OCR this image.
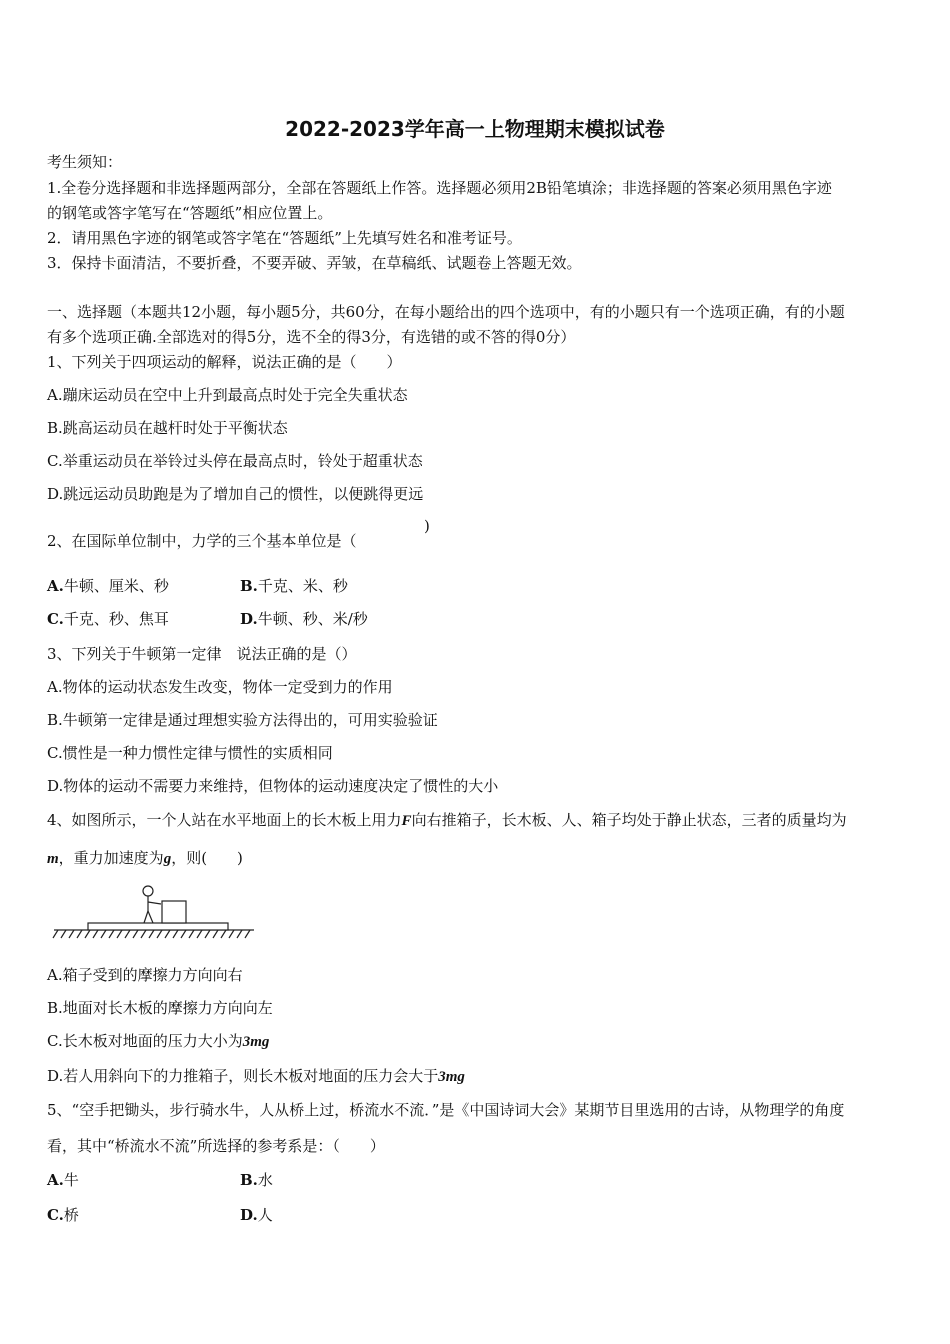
2022-2023学年高一上物理期末模拟试卷
考生须知：
1.全卷分选择题和非选择题两部分，全部在答题纸上作答。选择题必须用2B铅笔填涂；非选择题的答案必须用黑色字迹
的钢笔或答字笔写在“答题纸”相应位置上。
2．请用黑色字迹的钢笔或答字笔在“答题纸”上先填写姓名和准考证号。
3．保持卡面清洁，不要折叠，不要弄破、弄皱，在草稿纸、试题卷上答题无效。
一、选择题（本题共12小题，每小题5分，共60分，在每小题给出的四个选项中，有的小题只有一个选项正确，有的小题
有多个选项正确.全部选对的得5分，选不全的得3分，有选错的或不答的得0分）
1、下列关于四项运动的解释，说法正确的是（　　）
A.蹦床运动员在空中上升到最高点时处于完全失重状态
B.跳高运动员在越杆时处于平衡状态
C.举重运动员在举铃过头停在最高点时，铃处于超重状态
D.跳远运动员助跑是为了增加自己的惯性，以便跳得更远
2、在国际单位制中，力学的三个基本单位是（
)
A.牛顿、厘米、秒	B.千克、米、秒
C.千克、秒、焦耳	D.牛顿、秒、米/秒
3、下列关于牛顿第一定律　说法正确的是（）
A.物体的运动状态发生改变，物体一定受到力的作用
B.牛顿第一定律是通过理想实验方法得出的，可用实验验证
C.惯性是一种力惯性定律与惯性的实质相同
D.物体的运动不需要力来维持，但物体的运动速度决定了惯性的大小
4、如图所示，一个人站在水平地面上的长木板上用力F向右推箱子，长木板、人、箱子均处于静止状态，三者的质量均为
m，重力加速度为g，则(　　)
A.箱子受到的摩擦力方向向右
B.地面对长木板的摩擦力方向向左
C.长木板对地面的压力大小为3mg
D.若人用斜向下的力推箱子，则长木板对地面的压力会大于3mg
5、“空手把锄头，步行骑水牛，人从桥上过，桥流水不流．”是《中国诗词大会》某期节目里选用的古诗，从物理学的角度
看，其中“桥流水不流”所选择的参考系是：（　　）
A.牛	B.水
C.桥	D.人
